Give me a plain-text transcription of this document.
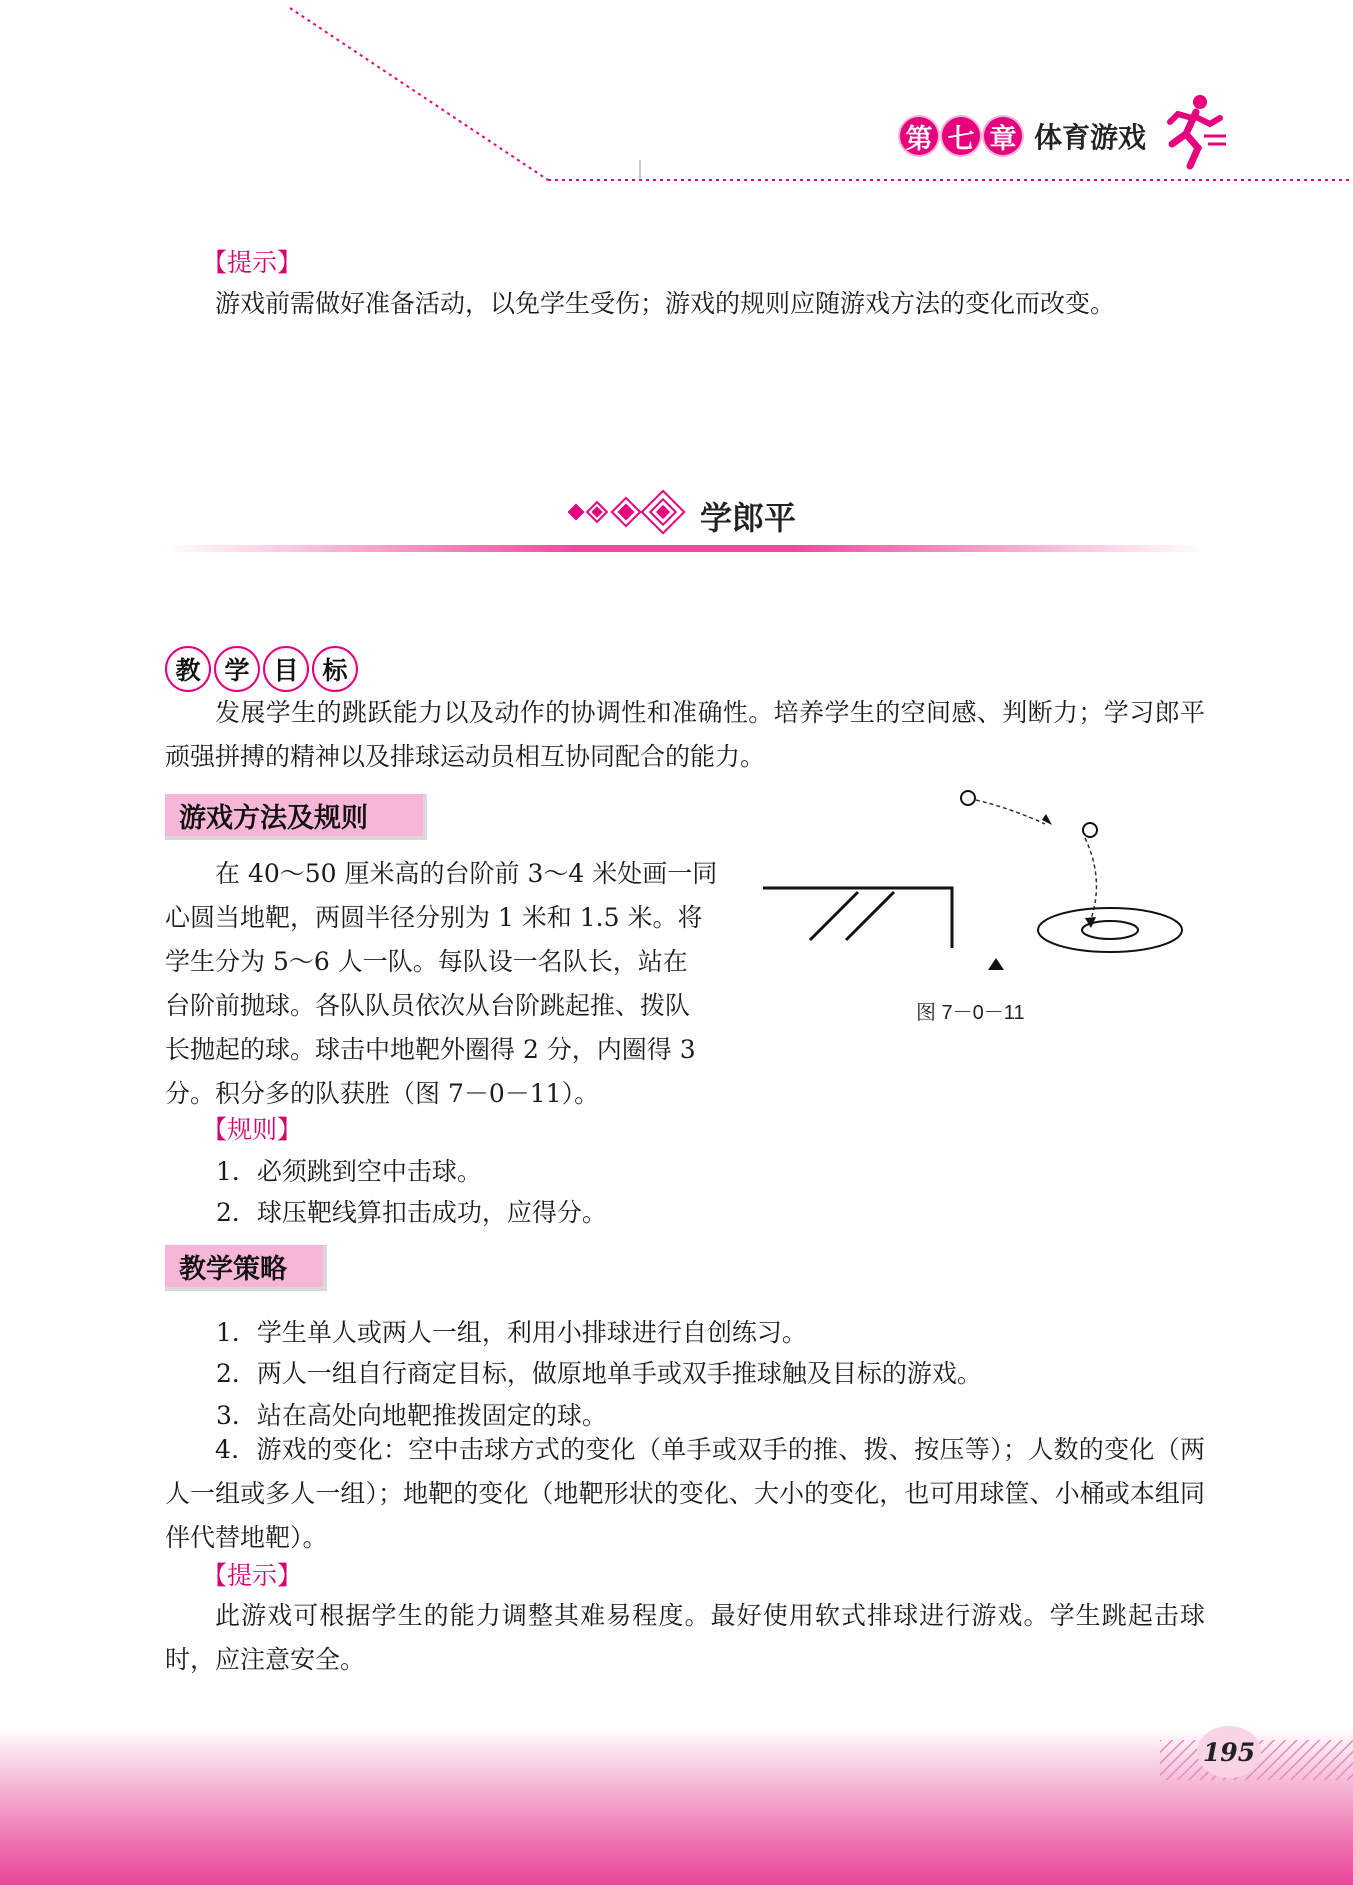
第 七 章 体育游戏
【提示】
游戏前需做好准备活动，以免学生受伤；游戏的规则应随游戏方法的变化而改变。
学郎平
教 学 目 标
发展学生的跳跃能力以及动作的协调性和准确性。培养学生的空间感、判断力；学习郎平顽强拼搏的精神以及排球运动员相互协同配合的能力。
游戏方法及规则
在 40～50 厘米高的台阶前 3～4 米处画一同
心圆当地靶，两圆半径分别为 1 米和 1.5 米。将
学生分为 5～6 人一队。每队设一名队长，站在
台阶前抛球。各队队员依次从台阶跳起推、拨队
长抛起的球。球击中地靶外圈得 2 分，内圈得 3
分。积分多的队获胜（图 7－0－11）。
图 7－0－11
【规则】
1．必须跳到空中击球。
2．球压靶线算扣击成功，应得分。
教学策略
1．学生单人或两人一组，利用小排球进行自创练习。
2．两人一组自行商定目标，做原地单手或双手推球触及目标的游戏。
3．站在高处向地靶推拨固定的球。
4．游戏的变化：空中击球方式的变化（单手或双手的推、拨、按压等）；人数的变化（两人一组或多人一组）；地靶的变化（地靶形状的变化、大小的变化，也可用球筐、小桶或本组同伴代替地靶）。
【提示】
此游戏可根据学生的能力调整其难易程度。最好使用软式排球进行游戏。学生跳起击球时，应注意安全。
195
